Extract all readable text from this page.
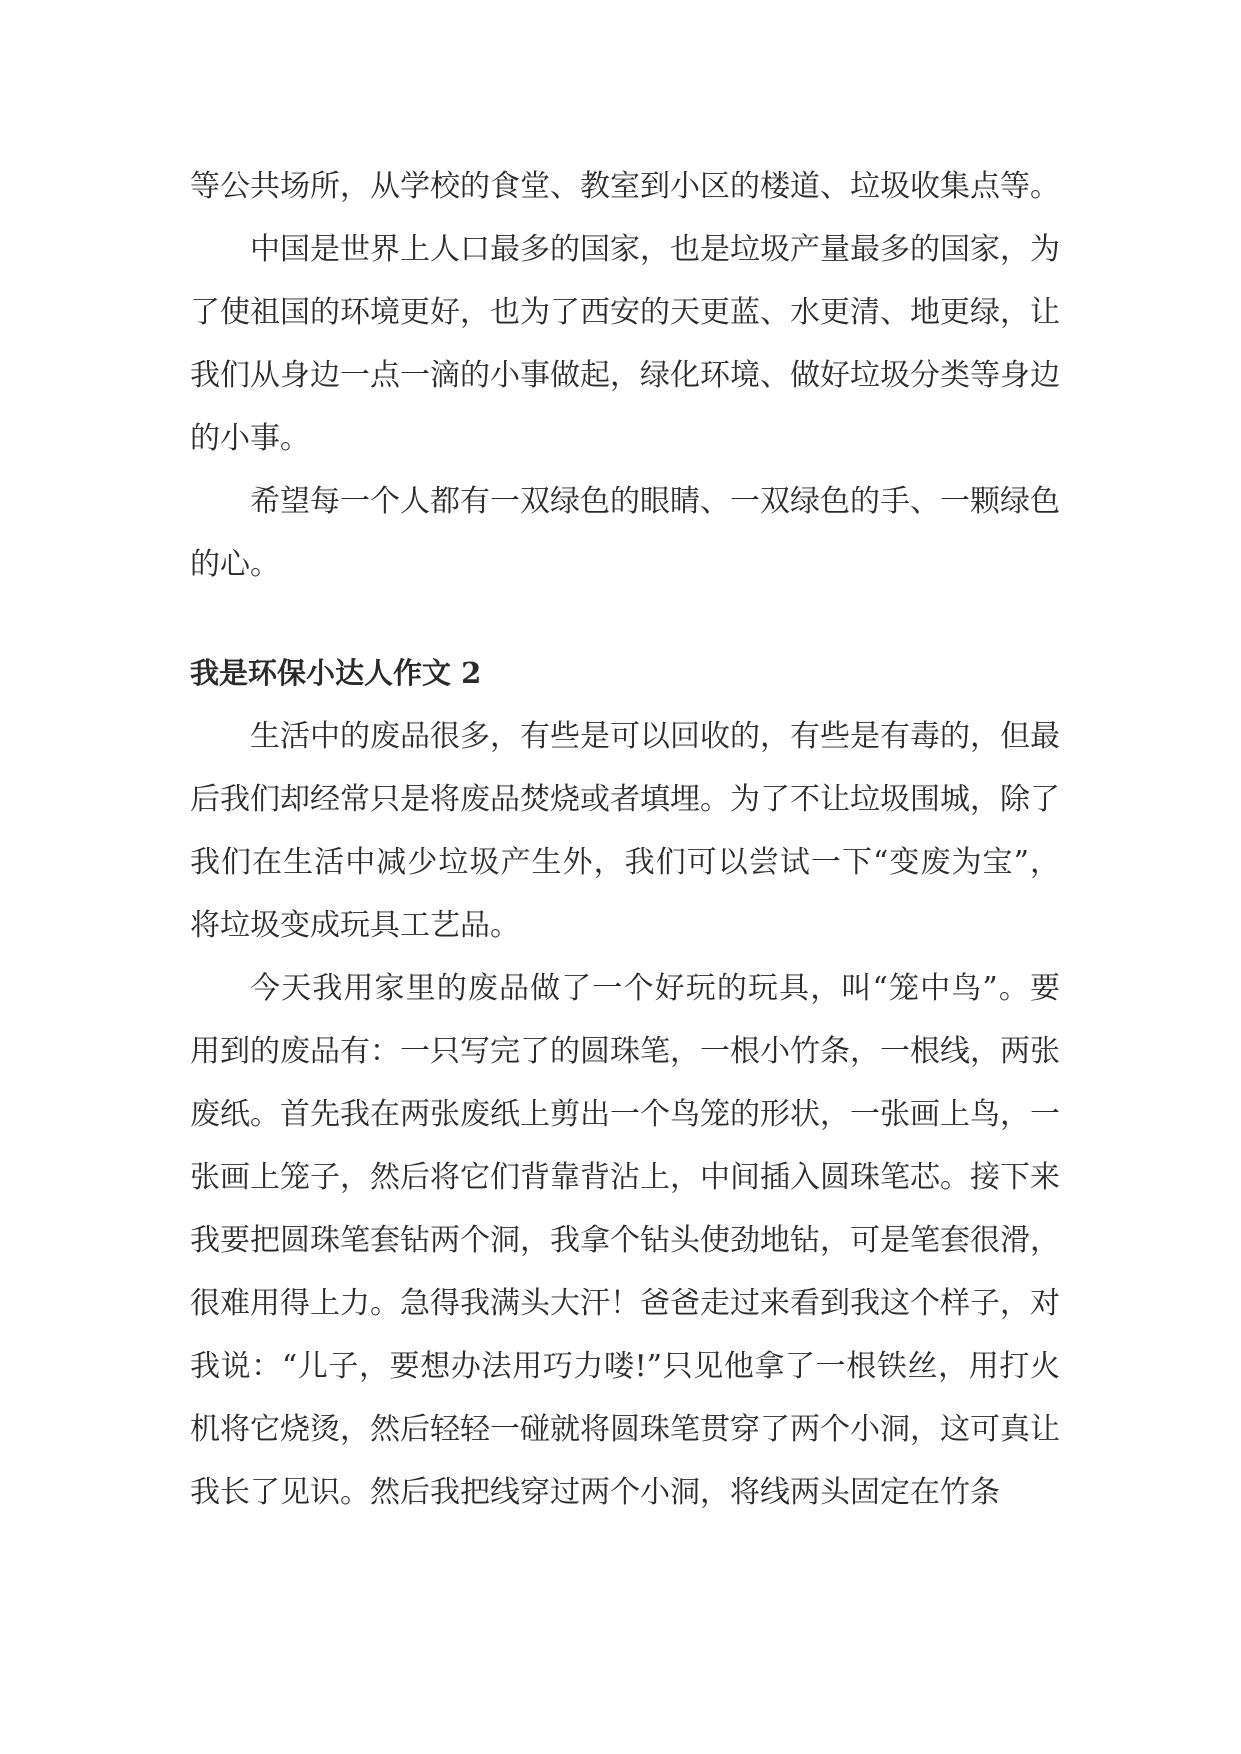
等公共场所，从学校的食堂、教室到小区的楼道、垃圾收集点等。

中国是世界上人口最多的国家，也是垃圾产量最多的国家，为了使祖国的环境更好，也为了西安的天更蓝、水更清、地更绿，让我们从身边一点一滴的小事做起，绿化环境、做好垃圾分类等身边的小事。

希望每一个人都有一双绿色的眼睛、一双绿色的手、一颗绿色的心。

我是环保小达人作文 2

生活中的废品很多，有些是可以回收的，有些是有毒的，但最后我们却经常只是将废品焚烧或者填埋。为了不让垃圾围城，除了我们在生活中减少垃圾产生外，我们可以尝试一下“变废为宝”，将垃圾变成玩具工艺品。

今天我用家里的废品做了一个好玩的玩具，叫“笼中鸟”。要用到的废品有：一只写完了的圆珠笔，一根小竹条，一根线，两张废纸。首先我在两张废纸上剪出一个鸟笼的形状，一张画上鸟，一张画上笼子，然后将它们背靠背沾上，中间插入圆珠笔芯。接下来我要把圆珠笔套钻两个洞，我拿个钻头使劲地钻，可是笔套很滑，很难用得上力。急得我满头大汗！爸爸走过来看到我这个样子，对我说：“儿子，要想办法用巧力喽!”只见他拿了一根铁丝，用打火机将它烧烫，然后轻轻一碰就将圆珠笔贯穿了两个小洞，这可真让我长了见识。然后我把线穿过两个小洞，将线两头固定在竹条
